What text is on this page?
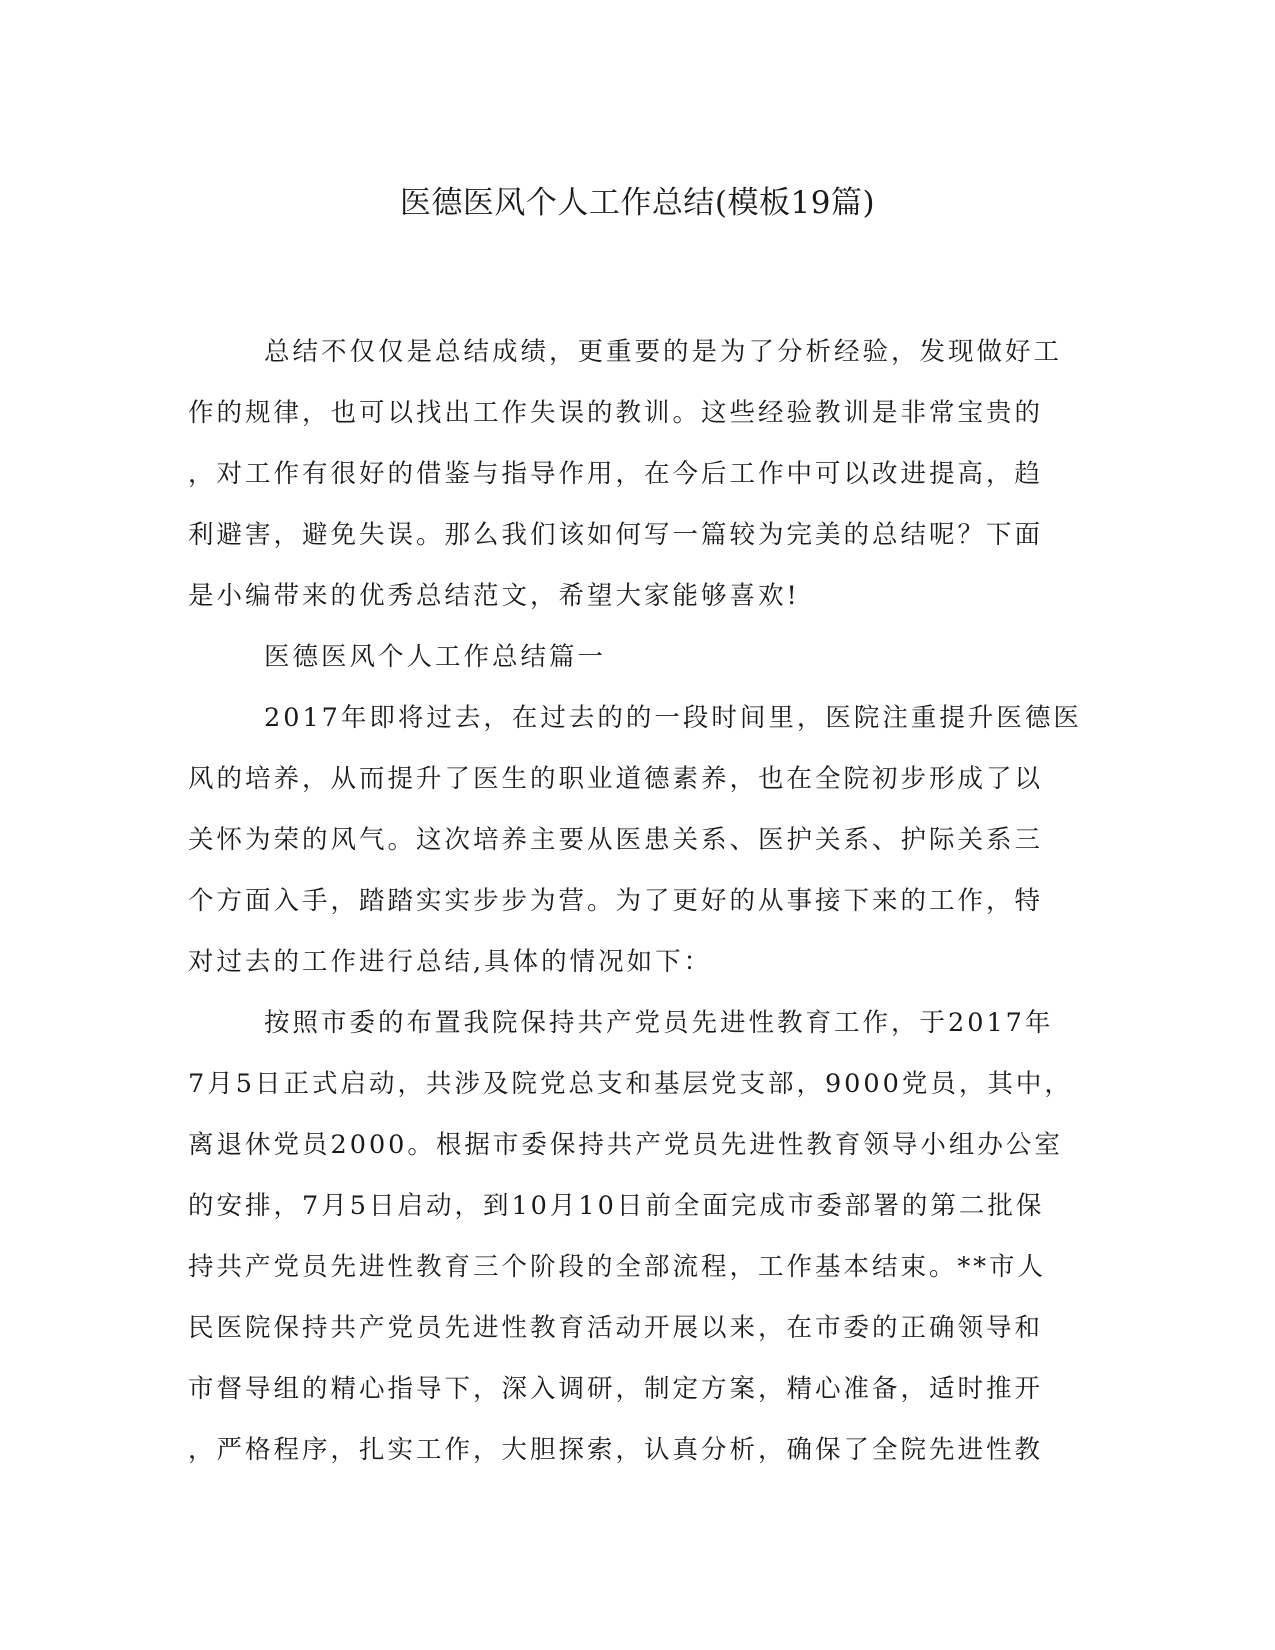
医德医风个人工作总结(模板19篇)
总结不仅仅是总结成绩，更重要的是为了分析经验，发现做好工
作的规律，也可以找出工作失误的教训。这些经验教训是非常宝贵的
，对工作有很好的借鉴与指导作用，在今后工作中可以改进提高，趋
利避害，避免失误。那么我们该如何写一篇较为完美的总结呢？下面
是小编带来的优秀总结范文，希望大家能够喜欢!
医德医风个人工作总结篇一
2017年即将过去，在过去的的一段时间里，医院注重提升医德医
风的培养，从而提升了医生的职业道德素养，也在全院初步形成了以
关怀为荣的风气。这次培养主要从医患关系、医护关系、护际关系三
个方面入手，踏踏实实步步为营。为了更好的从事接下来的工作，特
对过去的工作进行总结,具体的情况如下：
按照市委的布置我院保持共产党员先进性教育工作，于2017年
7月5日正式启动，共涉及院党总支和基层党支部，9000党员，其中，
离退休党员2000。根据市委保持共产党员先进性教育领导小组办公室
的安排，7月5日启动，到10月10日前全面完成市委部署的第二批保
持共产党员先进性教育三个阶段的全部流程，工作基本结束。**市人
民医院保持共产党员先进性教育活动开展以来，在市委的正确领导和
市督导组的精心指导下，深入调研，制定方案，精心准备，适时推开
，严格程序，扎实工作，大胆探索，认真分析，确保了全院先进性教
